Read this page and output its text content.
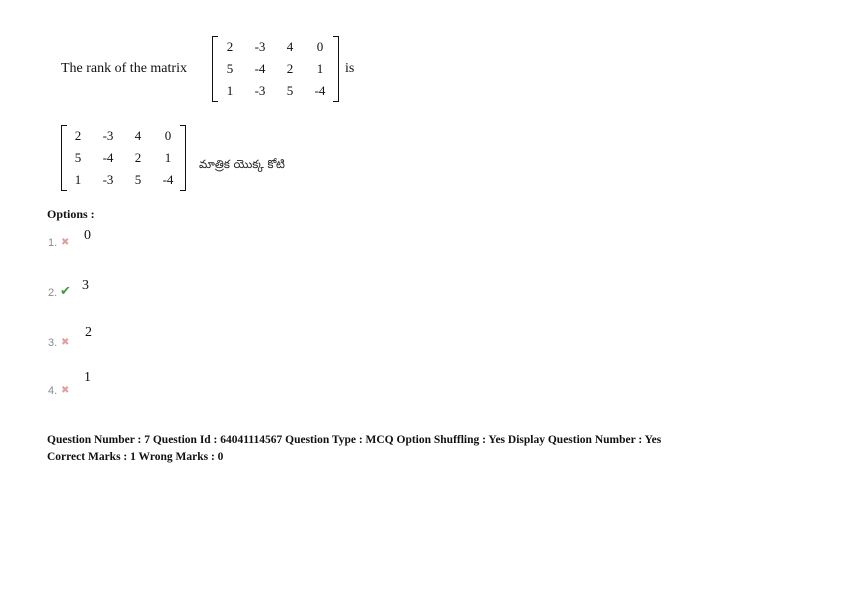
The rank of the matrix
2	-3	4	0
5	-4	2	1
1	-3	5	-4
is
2	-3	4	0
5	-4	2	1
1	-3	5	-4
మాత్రిక యొక్క కోటి
Options :
1. ✖ 0
2. ✔ 3
3. ✖
2
4. ✖
1
Question Number : 7 Question Id : 64041114567 Question Type : MCQ Option Shuffling : Yes Display Question Number : Yes
Correct Marks : 1 Wrong Marks : 0
